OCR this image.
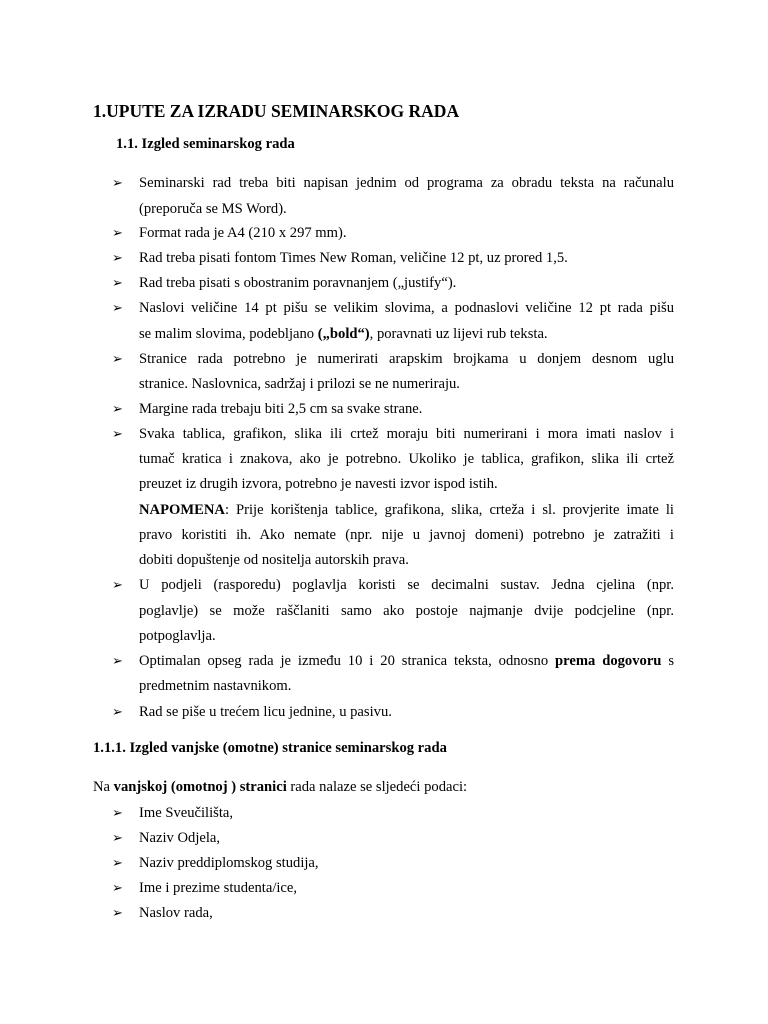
1.UPUTE ZA IZRADU SEMINARSKOG RADA
1.1. Izgled seminarskog rada
➢	Seminarski rad treba biti napisan jednim od programa za obradu teksta na računalu
(preporuča se MS Word).
➢	Format rada je A4 (210 x 297 mm).
➢	Rad treba pisati fontom Times New Roman, veličine 12 pt, uz prored 1,5.
➢	Rad treba pisati s obostranim poravnanjem („justify“).
➢	Naslovi veličine 14 pt pišu se velikim slovima, a podnaslovi veličine 12 pt rada pišu
se malim slovima, podebljano („bold“), poravnati uz lijevi rub teksta.
➢	Stranice rada potrebno je numerirati arapskim brojkama u donjem desnom uglu
stranice. Naslovnica, sadržaj i prilozi se ne numeriraju.
➢	Margine rada trebaju biti 2,5 cm sa svake strane.
➢	Svaka tablica, grafikon, slika ili crtež moraju biti numerirani i mora imati naslov i
tumač kratica i znakova, ako je potrebno. Ukoliko je tablica, grafikon, slika ili crtež
preuzet iz drugih izvora, potrebno je navesti izvor ispod istih.
NAPOMENA: Prije korištenja tablice, grafikona, slika, crteža i sl. provjerite imate li
pravo koristiti ih. Ako nemate (npr. nije u javnoj domeni) potrebno je zatražiti i
dobiti dopuštenje od nositelja autorskih prava.
➢	U podjeli (rasporedu) poglavlja koristi se decimalni sustav. Jedna cjelina (npr.
poglavlje) se može raščlaniti samo ako postoje najmanje dvije podcjeline (npr.
potpoglavlja.
➢	Optimalan opseg rada je između 10 i 20 stranica teksta, odnosno prema dogovoru s
predmetnim nastavnikom.
➢	Rad se piše u trećem licu jednine, u pasivu.
1.1.1. Izgled vanjske (omotne) stranice seminarskog rada
Na vanjskoj (omotnoj ) stranici rada nalaze se sljedeći podaci:
➢	Ime Sveučilišta,
➢	Naziv Odjela,
➢	Naziv preddiplomskog studija,
➢	Ime i prezime studenta/ice,
➢	Naslov rada,
